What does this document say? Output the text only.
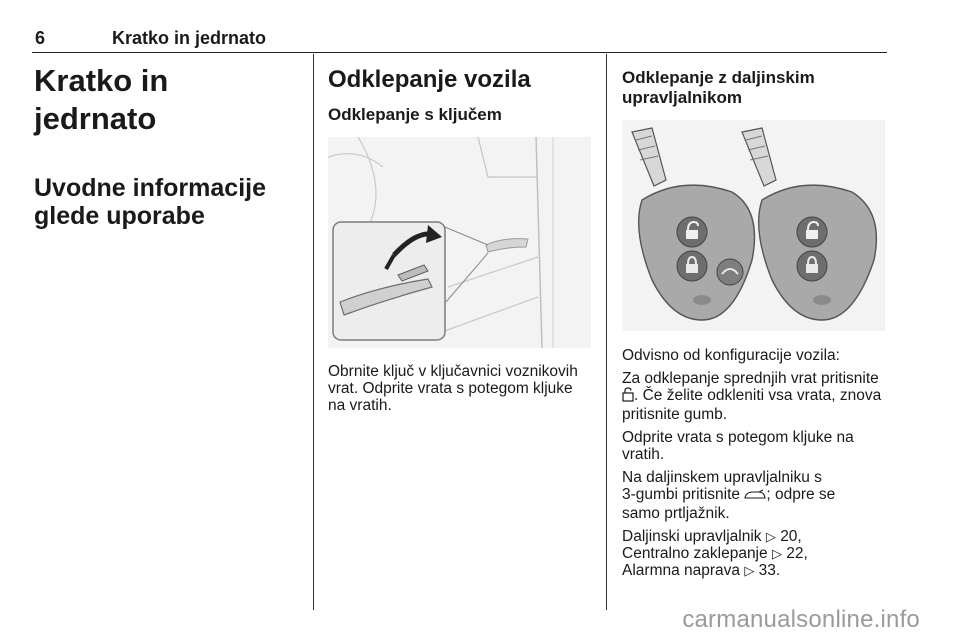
6	Kratko in jedrnato
Kratko in jedrnato
Uvodne informacije
glede uporabe
Odklepanje vozila
Odklepanje s ključem
Obrnite ključ v ključavnici voznikovih
vrat. Odprite vrata s potegom kljuke
na vratih.
Odklepanje z daljinskim
upravljalnikom
Odvisno od konfiguracije vozila:
Za odklepanje sprednjih vrat pritisnite
. Če želite odkleniti vsa vrata, znova
pritisnite gumb.
Odprite vrata s potegom kljuke na
vratih.
Na daljinskem upravljalniku s
3-gumbi pritisnite ; odpre se
samo prtljažnik.
Daljinski upravljalnik ▷ 20,
Centralno zaklepanje ▷ 22,
Alarmna naprava ▷ 33.
carmanualsonline.info
